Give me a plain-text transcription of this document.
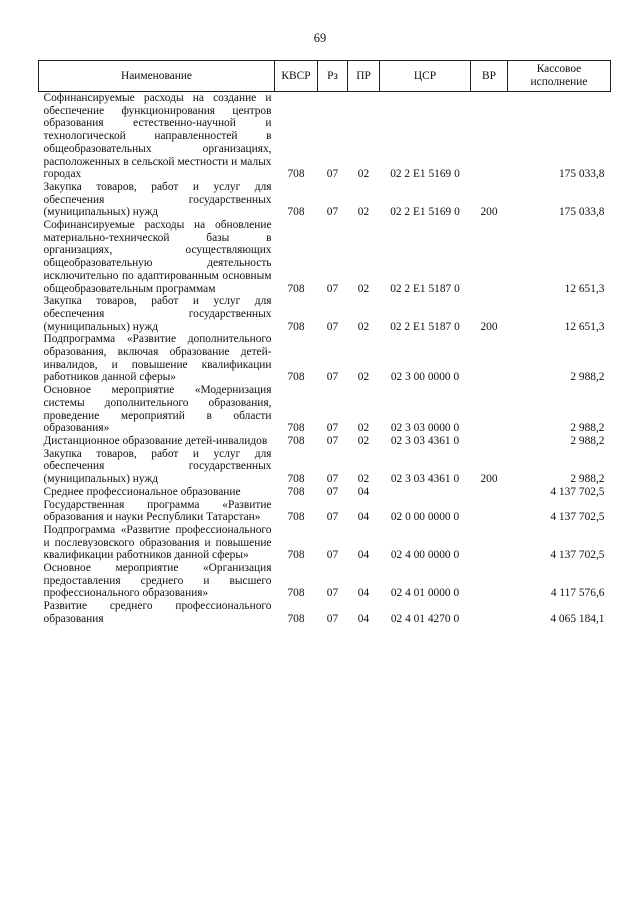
69
Наименование	КВСР	Рз	ПР	ЦСР	ВР	Кассовое исполнение
Софинансируемые расходы на создание и обеспечение функционирования центров образования естественно-научной и технологической направленностей в общеобразовательных организациях, расположенных в сельской местности и малых городах	708	07	02	02 2 E1 5169 0		175 033,8
Закупка товаров, работ и услуг для обеспечения государственных (муниципальных) нужд	708	07	02	02 2 E1 5169 0	200	175 033,8
Софинансируемые расходы на обновление материально-технической базы в организациях, осуществляющих общеобразовательную деятельность исключительно по адаптированным основным общеобразовательным программам	708	07	02	02 2 E1 5187 0		12 651,3
Закупка товаров, работ и услуг для обеспечения государственных (муниципальных) нужд	708	07	02	02 2 E1 5187 0	200	12 651,3
Подпрограмма «Развитие дополнительного образования, включая образование детей-инвалидов, и повышение квалификации работников данной сферы»	708	07	02	02 3 00 0000 0		2 988,2
Основное мероприятие «Модернизация системы дополнительного образования, проведение мероприятий в области образования»	708	07	02	02 3 03 0000 0		2 988,2
Дистанционное образование детей-инвалидов	708	07	02	02 3 03 4361 0		2 988,2
Закупка товаров, работ и услуг для обеспечения государственных (муниципальных) нужд	708	07	02	02 3 03 4361 0	200	2 988,2
Среднее профессиональное образование	708	07	04			4 137 702,5
Государственная программа «Развитие образования и науки Республики Татарстан»	708	07	04	02 0 00 0000 0		4 137 702,5
Подпрограмма «Развитие профессионального и послевузовского образования и повышение квалификации работников данной сферы»	708	07	04	02 4 00 0000 0		4 137 702,5
Основное мероприятие «Организация предоставления среднего и высшего профессионального образования»	708	07	04	02 4 01 0000 0		4 117 576,6
Развитие среднего профессионального образования	708	07	04	02 4 01 4270 0		4 065 184,1
